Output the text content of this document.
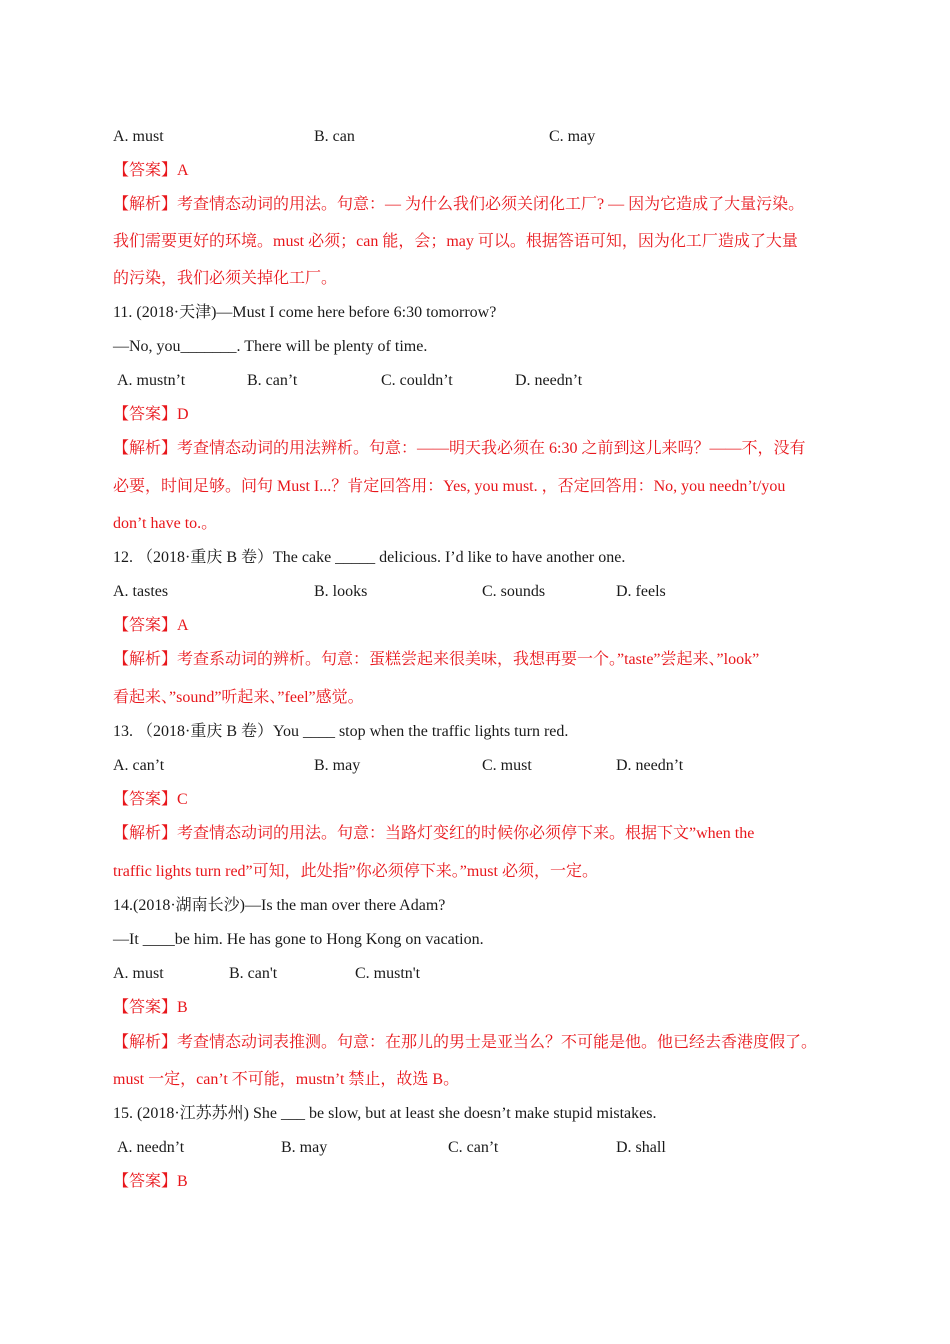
A. must	B. can	C. may
【答案】A
【解析】考查情态动词的用法。句意：— 为什么我们必须关闭化工厂? — 因为它造成了大量污染。
我们需要更好的环境。must 必须；can 能，会；may 可以。根据答语可知，因为化工厂造成了大量
的污染，我们必须关掉化工厂。
11. (2018·天津)—Must I come here before 6:30 tomorrow?
—No, you_______. There will be plenty of time.
A. mustn’t	B. can’t	C. couldn’t	D. needn’t
【答案】D
【解析】考查情态动词的用法辨析。句意：——明天我必须在 6:30 之前到这儿来吗？——不，没有
必要，时间足够。问句 Must I...？肯定回答用：Yes, you must. ，否定回答用：No, you needn’t/you
don’t have to.。
12. （2018·重庆 B 卷）The cake _____ delicious. I’d like to have another one.
A. tastes	B. looks	C. sounds	D. feels
【答案】A
【解析】考查系动词的辨析。句意：蛋糕尝起来很美味，我想再要一个。”taste”尝起来、”look”
看起来、”sound”听起来、”feel”感觉。
13. （2018·重庆 B 卷）You ____ stop when the traffic lights turn red.
A. can’t	B. may	C. must	D. needn’t
【答案】C
【解析】考查情态动词的用法。句意：当路灯变红的时候你必须停下来。根据下文”when the
traffic lights turn red”可知，此处指”你必须停下来。”must 必须，一定。
14.(2018·湖南长沙)—Is the man over there Adam?
—It ____be him. He has gone to Hong Kong on vacation.
A. must	B. can't	C. mustn't
【答案】B
【解析】考查情态动词表推测。句意：在那儿的男士是亚当么？不可能是他。他已经去香港度假了。
must 一定，can’t 不可能，mustn’t 禁止，故选 B。
15. (2018·江苏苏州) She ___ be slow, but at least she doesn’t make stupid mistakes.
A. needn’t	B. may	C. can’t	D. shall
【答案】B
